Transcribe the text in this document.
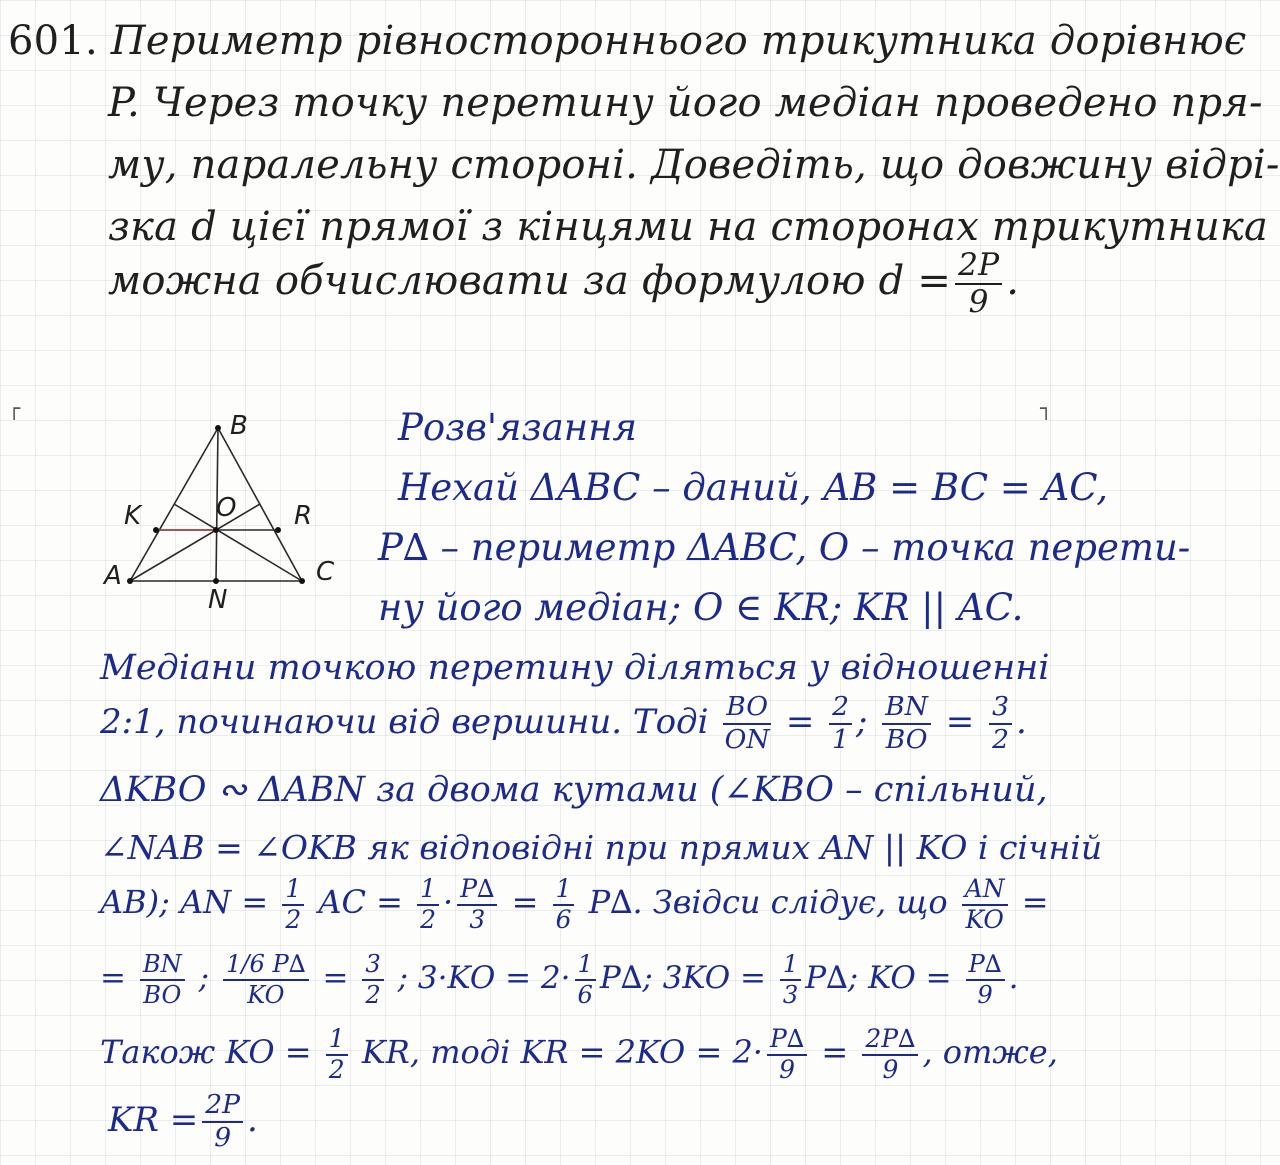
┌	┐
601. Периметр рівностороннього трикутника дорівнює
P. Через точку перетину його медіан проведено пря-
му, паралельну стороні. Доведіть, що довжину відрі-
зка d цієї прямої з кінцями на сторонах трикутника
можна обчислювати за формулою $d = \frac{2P}{9}$ .
B
K	R
O
A	C
N
Розв'язання
Нехай ΔABC – даний, AB = BC = AC,
P∆ – периметр ΔABC, O – точка перети-
ну його медіан; O ∈ KR; KR || AC.
Медіани точкою перетину діляться у відношенні
2:1, починаючи від вершини. Тоді $\frac{BO}{ON} = \frac{2}{1}$ ; $\frac{BN}{BO} = \frac{3}{2}$ .
ΔKBO ∾ ΔABN за двома кутами (∠KBO – спільний,
∠NAB = ∠OKB як відповідні при прямих AN || KO і січній
AB); AN = $\frac{1}{2}$ AC = $\frac{1}{2} \cdot \frac{P\Delta}{3} = \frac{1}{6} P\Delta$. Звідси слідує, що $\frac{AN}{KO}$ =
= $\frac{BN}{BO}$ ; $\frac{1/6 P\Delta}{KO} = \frac{3}{2}$ ; $3\cdot KO = 2\cdot \frac{1}{6} P\Delta$; $3KO = \frac{1}{3} P\Delta$; KO = $\frac{P\Delta}{9}$ .
Також KO = $\frac{1}{2}$ KR, тоді KR = $2KO = 2\cdot \frac{P\Delta}{9} = \frac{2P\Delta}{9}$ , отже,
KR = $\frac{2P}{9}$ .
